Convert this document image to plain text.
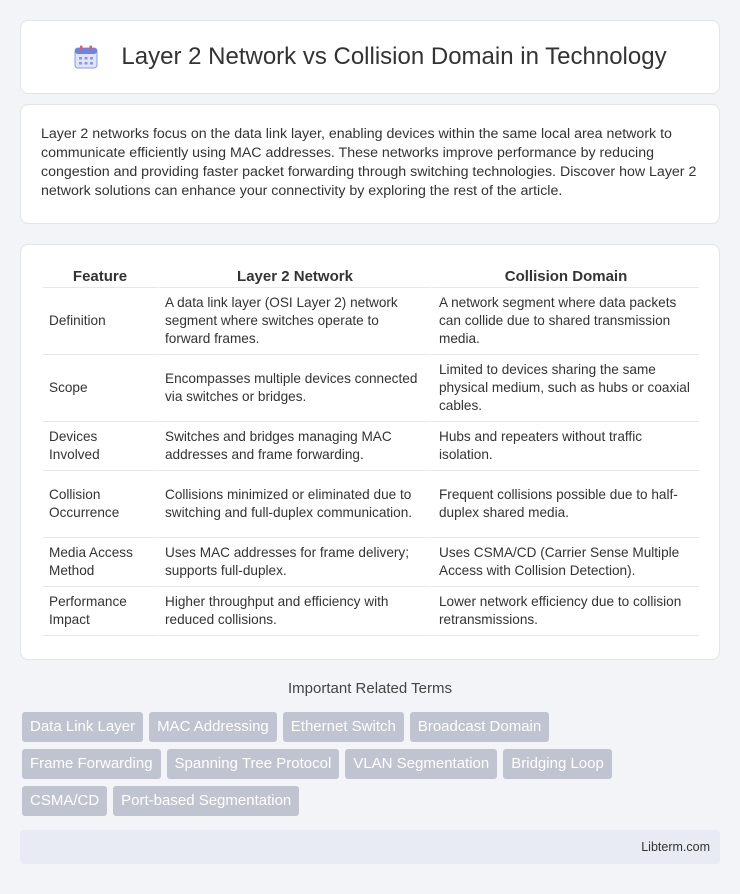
Layer 2 Network vs Collision Domain in Technology

Layer 2 networks focus on the data link layer, enabling devices within the same local area network to communicate efficiently using MAC addresses. These networks improve performance by reducing congestion and providing faster packet forwarding through switching technologies. Discover how Layer 2 network solutions can enhance your connectivity by exploring the rest of the article.

Feature	Layer 2 Network	Collision Domain
Definition	A data link layer (OSI Layer 2) network segment where switches operate to forward frames.	A network segment where data packets can collide due to shared transmission media.
Scope	Encompasses multiple devices connected via switches or bridges.	Limited to devices sharing the same physical medium, such as hubs or coaxial cables.
Devices Involved	Switches and bridges managing MAC addresses and frame forwarding.	Hubs and repeaters without traffic isolation.
Collision Occurrence	Collisions minimized or eliminated due to switching and full-duplex communication.	Frequent collisions possible due to half-duplex shared media.
Media Access Method	Uses MAC addresses for frame delivery; supports full-duplex.	Uses CSMA/CD (Carrier Sense Multiple Access with Collision Detection).
Performance Impact	Higher throughput and efficiency with reduced collisions.	Lower network efficiency due to collision retransmissions.
Important Related Terms
Data Link Layer	MAC Addressing	Ethernet Switch	Broadcast Domain
Frame Forwarding	Spanning Tree Protocol	VLAN Segmentation	Bridging Loop
CSMA/CD	Port-based Segmentation
Libterm.com
